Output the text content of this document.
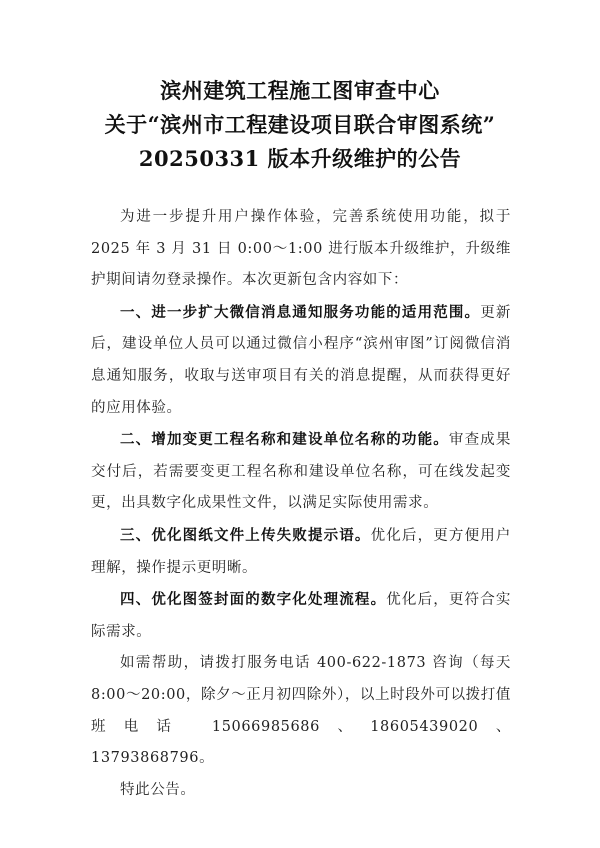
滨州建筑工程施工图审查中心
关于“滨州市工程建设项目联合审图系统”
20250331 版本升级维护的公告

为进一步提升用户操作体验，完善系统使用功能，拟于2025 年 3 月 31 日 0:00～1:00 进行版本升级维护，升级维护期间请勿登录操作。本次更新包含内容如下：

一、进一步扩大微信消息通知服务功能的适用范围。更新后，建设单位人员可以通过微信小程序“滨州审图”订阅微信消息通知服务，收取与送审项目有关的消息提醒，从而获得更好的应用体验。

二、增加变更工程名称和建设单位名称的功能。审查成果交付后，若需要变更工程名称和建设单位名称，可在线发起变更，出具数字化成果性文件，以满足实际使用需求。

三、优化图纸文件上传失败提示语。优化后，更方便用户理解，操作提示更明晰。

四、优化图签封面的数字化处理流程。优化后，更符合实际需求。

如需帮助，请拨打服务电话 400-622-1873 咨询（每天8:00～20:00，除夕～正月初四除外），以上时段外可以拨打值班电话 15066985686、18605439020、13793868796。

特此公告。
